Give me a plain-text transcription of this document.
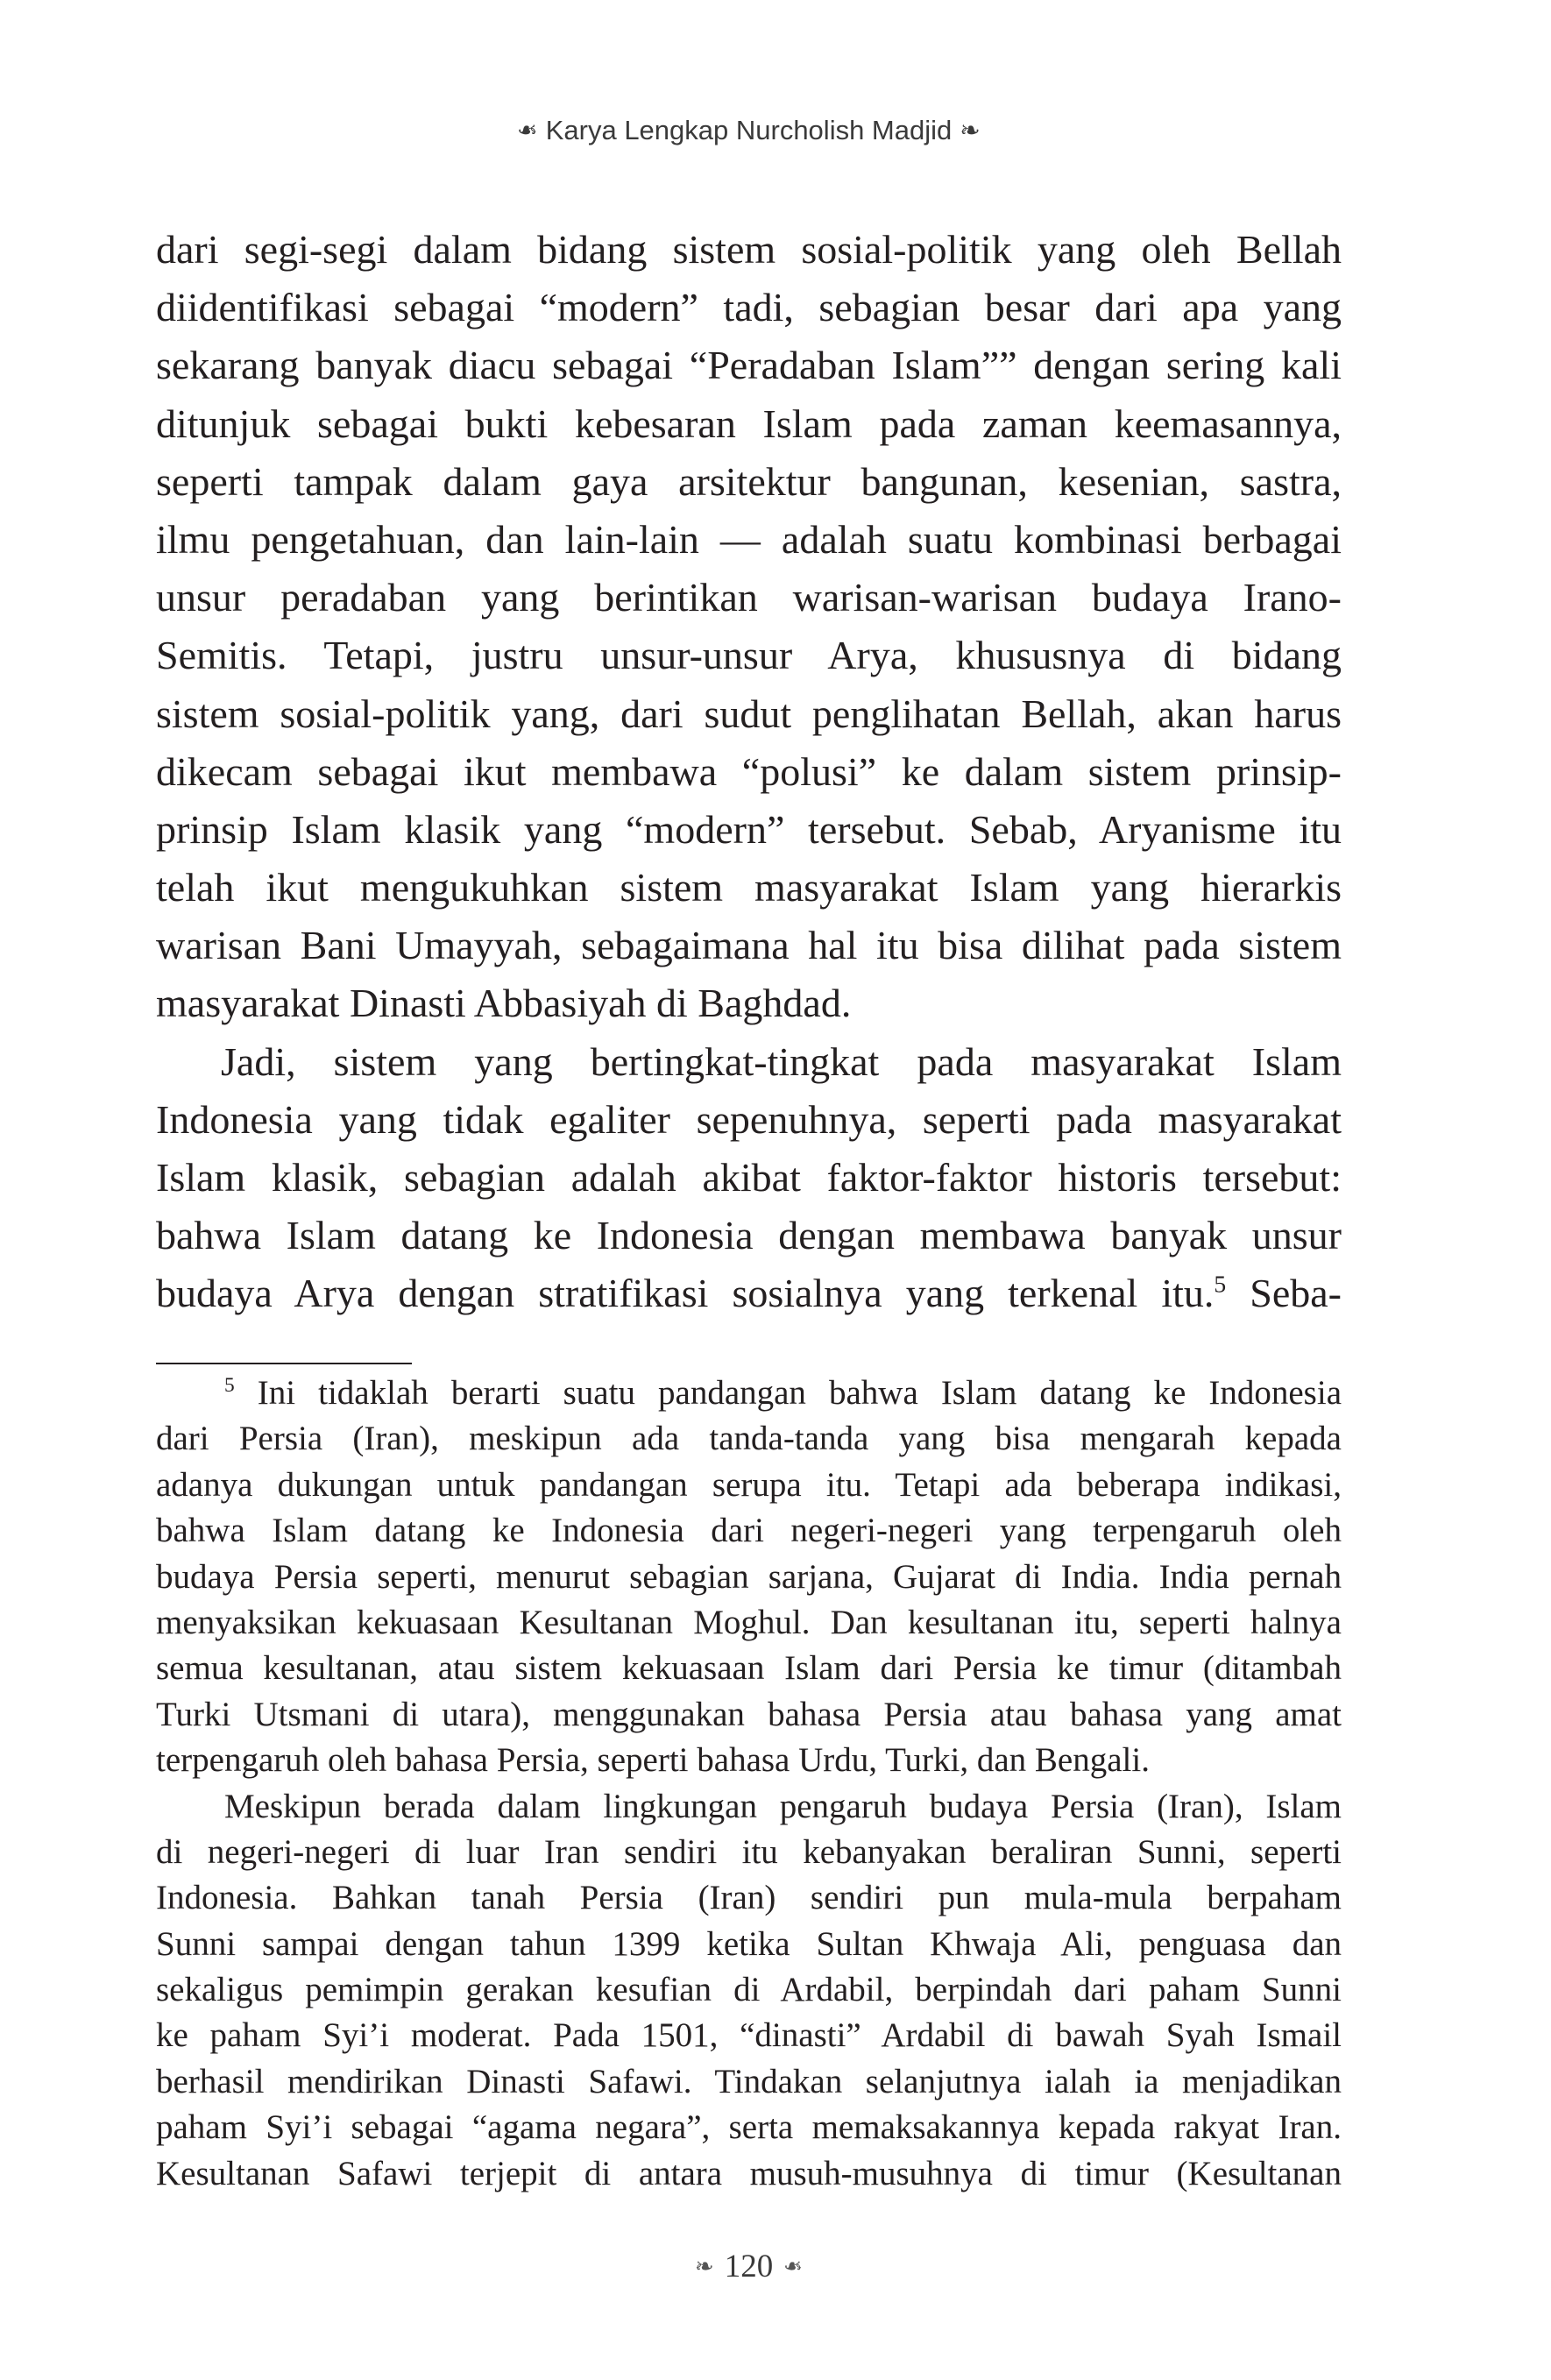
❧Karya Lengkap Nurcholish Madjid❧
dari segi-segi dalam bidang sistem sosial-politik yang oleh Bellah
diidentifikasi sebagai “modern” tadi, sebagian besar dari apa yang
sekarang banyak diacu sebagai “Peradaban Islam”” dengan sering kali
ditunjuk sebagai bukti kebesaran Islam pada zaman keemasannya,
seperti tampak dalam gaya arsitektur bangunan, kesenian, sastra,
ilmu pengetahuan, dan lain-lain — adalah suatu kombinasi berbagai
unsur peradaban yang berintikan warisan-warisan budaya Irano-
Semitis. Tetapi, justru unsur-unsur Arya, khususnya di bidang
sistem sosial-politik yang, dari sudut penglihatan Bellah, akan harus
dikecam sebagai ikut membawa “polusi” ke dalam sistem prinsip-
prinsip Islam klasik yang “modern” tersebut. Sebab, Aryanisme itu
telah ikut mengukuhkan sistem masyarakat Islam yang hierarkis
warisan Bani Umayyah, sebagaimana hal itu bisa dilihat pada sistem
masyarakat Dinasti Abbasiyah di Baghdad.
Jadi, sistem yang bertingkat-tingkat pada masyarakat Islam
Indonesia yang tidak egaliter sepenuhnya, seperti pada masyarakat
Islam klasik, sebagian adalah akibat faktor-faktor historis tersebut:
bahwa Islam datang ke Indonesia dengan membawa banyak unsur
budaya Arya dengan stratifikasi sosialnya yang terkenal itu.$^5$ Seba-
$^5$ Ini tidaklah berarti suatu pandangan bahwa Islam datang ke Indonesia
dari Persia (Iran), meskipun ada tanda-tanda yang bisa mengarah kepada
adanya dukungan untuk pandangan serupa itu. Tetapi ada beberapa indikasi,
bahwa Islam datang ke Indonesia dari negeri-negeri yang terpengaruh oleh
budaya Persia seperti, menurut sebagian sarjana, Gujarat di India. India pernah
menyaksikan kekuasaan Kesultanan Moghul. Dan kesultanan itu, seperti halnya
semua kesultanan, atau sistem kekuasaan Islam dari Persia ke timur (ditambah
Turki Utsmani di utara), menggunakan bahasa Persia atau bahasa yang amat
terpengaruh oleh bahasa Persia, seperti bahasa Urdu, Turki, dan Bengali.
Meskipun berada dalam lingkungan pengaruh budaya Persia (Iran), Islam
di negeri-negeri di luar Iran sendiri itu kebanyakan beraliran Sunni, seperti
Indonesia. Bahkan tanah Persia (Iran) sendiri pun mula-mula berpaham
Sunni sampai dengan tahun 1399 ketika Sultan Khwaja Ali, penguasa dan
sekaligus pemimpin gerakan kesufian di Ardabil, berpindah dari paham Sunni
ke paham Syi’i moderat. Pada 1501, “dinasti” Ardabil di bawah Syah Ismail
berhasil mendirikan Dinasti Safawi. Tindakan selanjutnya ialah ia menjadikan
paham Syi’i sebagai “agama negara”, serta memaksakannya kepada rakyat Iran.
Kesultanan Safawi terjepit di antara musuh-musuhnya di timur (Kesultanan
❧120❧
